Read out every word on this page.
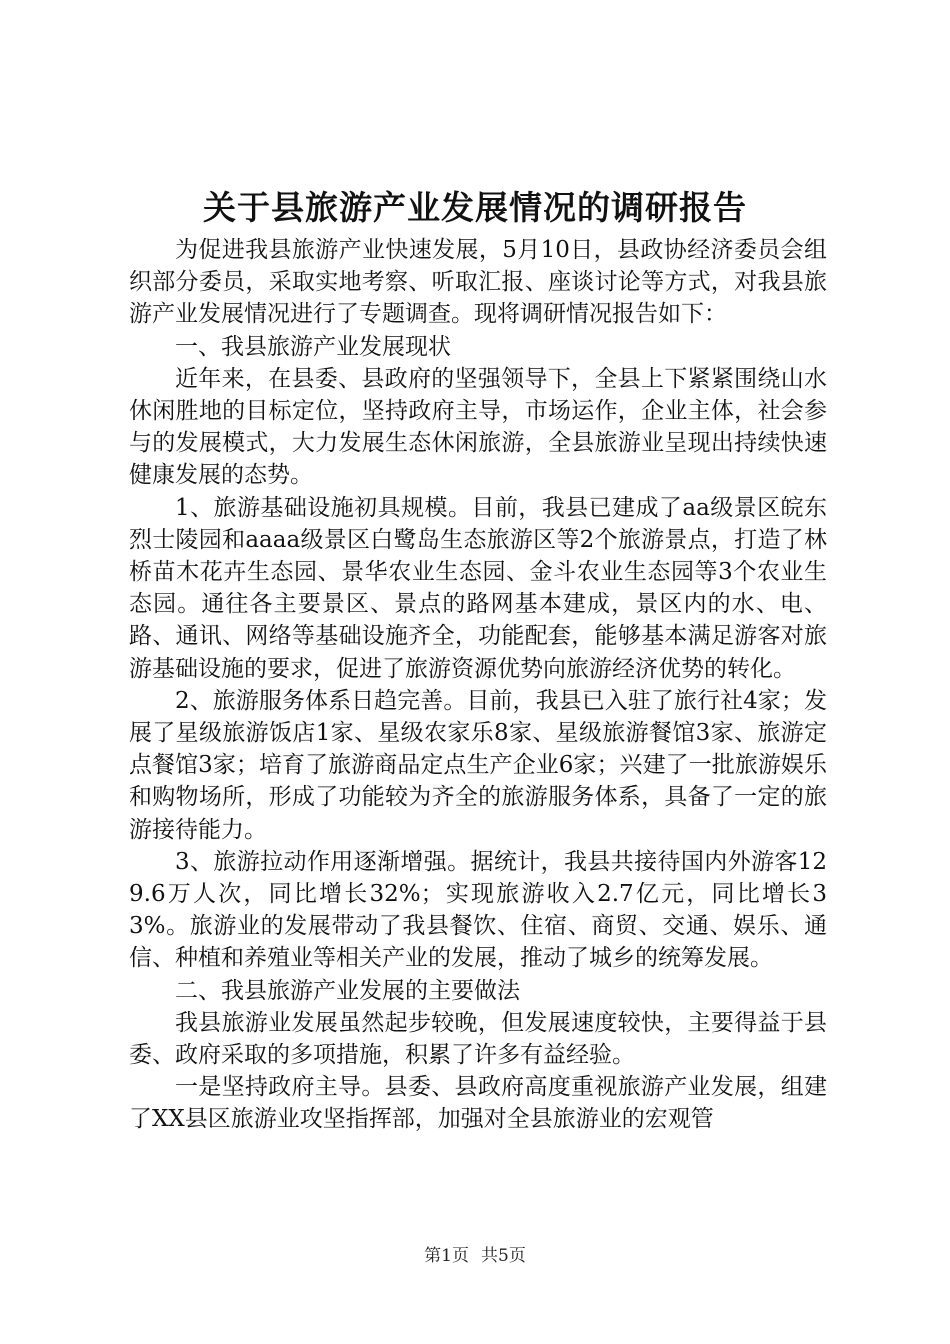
关于县旅游产业发展情况的调研报告

为促进我县旅游产业快速发展，5月10日，县政协经济委员会组织部分委员，采取实地考察、听取汇报、座谈讨论等方式，对我县旅游产业发展情况进行了专题调查。现将调研情况报告如下：

一、我县旅游产业发展现状

近年来，在县委、县政府的坚强领导下，全县上下紧紧围绕山水休闲胜地的目标定位，坚持政府主导，市场运作，企业主体，社会参与的发展模式，大力发展生态休闲旅游，全县旅游业呈现出持续快速健康发展的态势。

1、旅游基础设施初具规模。目前，我县已建成了aa级景区皖东烈士陵园和aaaa级景区白鹭岛生态旅游区等2个旅游景点，打造了林桥苗木花卉生态园、景华农业生态园、金斗农业生态园等3个农业生态园。通往各主要景区、景点的路网基本建成，景区内的水、电、路、通讯、网络等基础设施齐全，功能配套，能够基本满足游客对旅游基础设施的要求，促进了旅游资源优势向旅游经济优势的转化。

2、旅游服务体系日趋完善。目前，我县已入驻了旅行社4家；发展了星级旅游饭店1家、星级农家乐8家、星级旅游餐馆3家、旅游定点餐馆3家；培育了旅游商品定点生产企业6家；兴建了一批旅游娱乐和购物场所，形成了功能较为齐全的旅游服务体系，具备了一定的旅游接待能力。

3、旅游拉动作用逐渐增强。据统计，我县共接待国内外游客129.6万人次，同比增长32%；实现旅游收入2.7亿元，同比增长33%。旅游业的发展带动了我县餐饮、住宿、商贸、交通、娱乐、通信、种植和养殖业等相关产业的发展，推动了城乡的统筹发展。

二、我县旅游产业发展的主要做法

我县旅游业发展虽然起步较晚，但发展速度较快，主要得益于县委、政府采取的多项措施，积累了许多有益经验。

一是坚持政府主导。县委、县政府高度重视旅游产业发展，组建了XX县区旅游业攻坚指挥部，加强对全县旅游业的宏观管

第1页 共5页
